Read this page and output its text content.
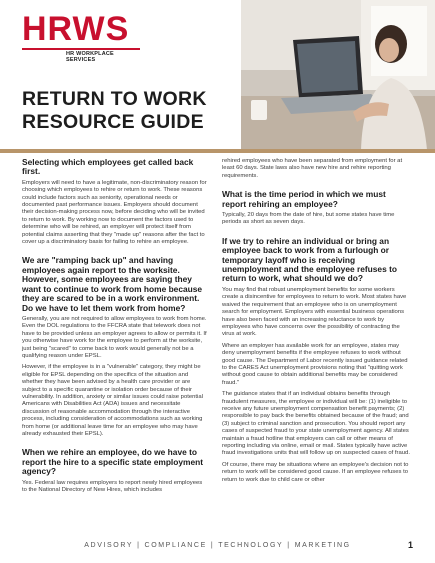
HRWS
HR WORKPLACE SERVICES
RETURN TO WORK
RESOURCE GUIDE
Selecting which employees get called back first.

Employers will need to have a legitimate, non-discriminatory reason for choosing which employees to rehire or return to work. These reasons could include factors such as seniority, operational needs or documented past performance issues. Employers should document their decision-making process now, before deciding who will be invited to return to work. By working now to document the factors used to determine who will be rehired, an employer will protect itself from potential claims asserting that they "made up" reasons after the fact to cover up a discriminatory basis for failing to rehire an employee.

We are "ramping back up" and having employees again report to the worksite. However, some employees are saying they want to continue to work from home because they are scared to be in a work environment. Do we have to let them work from home?

Generally, you are not required to allow employees to work from home. Even the DOL regulations to the FFCRA state that telework does not have to be provided unless an employer agrees to allow or permits it. If you otherwise have work for the employee to perform at the worksite, just being "scared" to come back to work would generally not be a qualifying reason under EPSL.

However, if the employee is in a "vulnerable" category, they might be eligible for EPSL depending on the specifics of the situation and whether they have been advised by a health care provider or are subject to a specific quarantine or isolation order because of their vulnerability. In addition, anxiety or similar issues could raise potential Americans with Disabilities Act (ADA) issues and necessitate discussion of reasonable accommodation through the interactive process, including consideration of accommodations such as working from home (or additional leave time for an employee who may have already exhausted their EPSL).

When we rehire an employee, do we have to report the hire to a specific state employment agency?

Yes. Federal law requires employers to report newly hired employees to the National Directory of New Hires, which includes

rehired employees who have been separated from employment for at least 60 days. State laws also have new hire and rehire reporting requirements.

What is the time period in which we must report rehiring an employee?

Typically, 20 days from the date of hire, but some states have time periods as short as seven days.

If we try to rehire an individual or bring an employee back to work from a furlough or temporary layoff who is receiving unemployment and the employee refuses to return to work, what should we do?

You may find that robust unemployment benefits for some workers create a disincentive for employees to return to work. Most states have waived the requirement that an employee who is on unemployment search for employment. Employers with essential business operations have also been faced with an increasing reluctance to work by employees who have concerns over the possibility of contracting the virus at work.

Where an employer has available work for an employee, states may deny unemployment benefits if the employee refuses to work without good cause. The Department of Labor recently issued guidance related to the CARES Act unemployment provisions noting that "quitting work without good cause to obtain additional benefits may be considered fraud."

The guidance states that if an individual obtains benefits through fraudulent measures, the employee or individual will be: (1) ineligible to receive any future unemployment compensation benefit payments; (2) responsible to pay back the benefits obtained because of the fraud; and (3) subject to criminal sanction and prosecution. You should report any cases of suspected fraud to your state unemployment agency. All states maintain a fraud hotline that employers can call or other means of reporting including via online, email or mail. States typically have active fraud investigations units that will follow up on suspected cases of fraud.

Of course, there may be situations where an employee's decision not to return to work will be considered good cause. If an employee refuses to return to work due to child care or other

ADVISORY | COMPLIANCE | TECHNOLOGY | MARKETING	1
